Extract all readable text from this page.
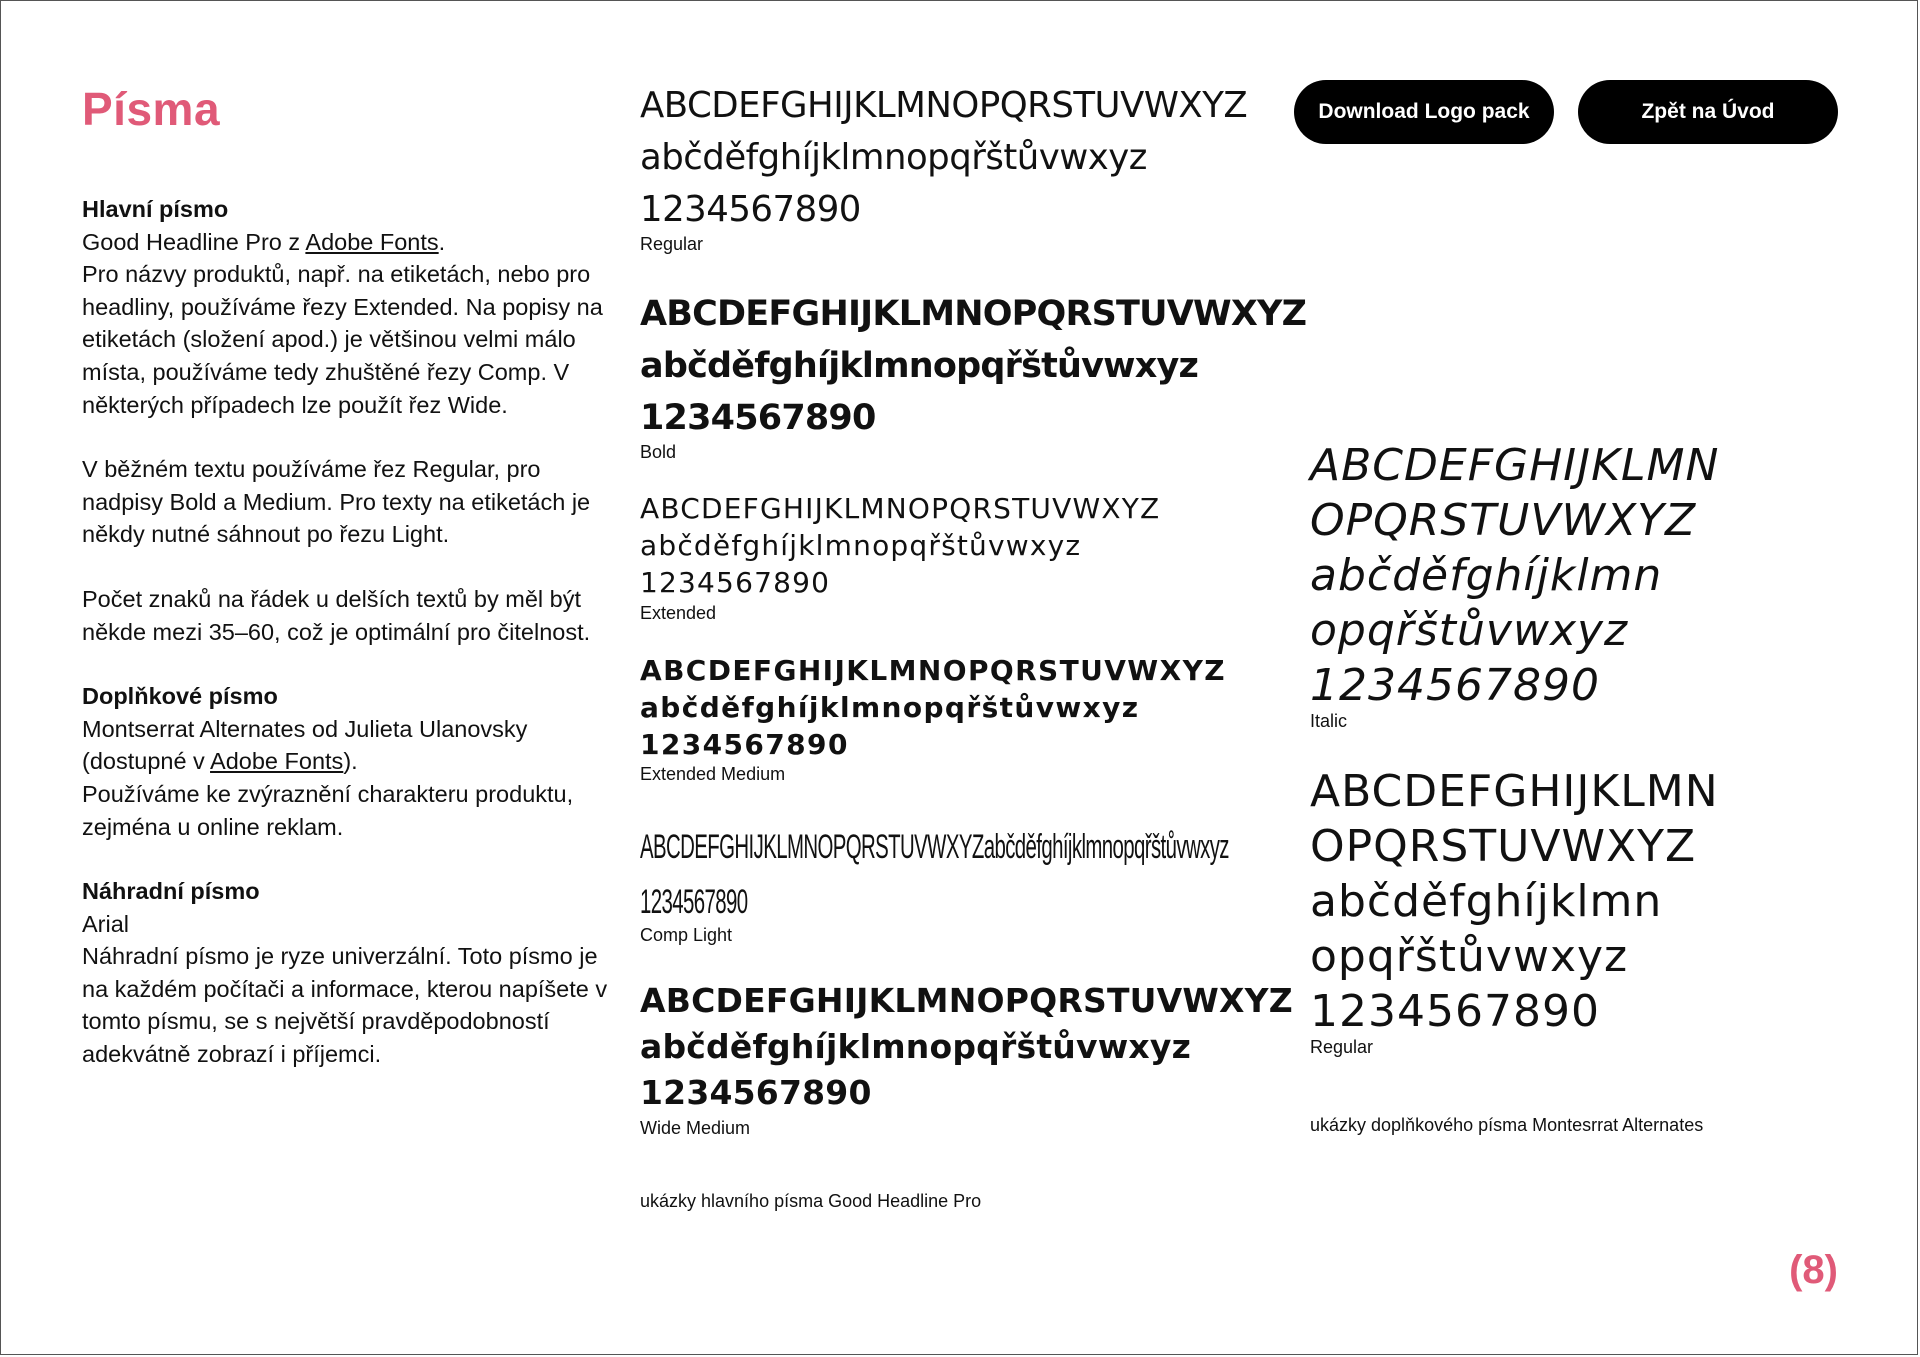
Písma

Hlavní písmo
Good Headline Pro z Adobe Fonts.
Pro názvy produktů, např. na etiketách, nebo pro headliny, používáme řezy Extended. Na popisy na etiketách (složení apod.) je většinou velmi málo místa, používáme tedy zhuštěné řezy Comp. V některých případech lze použít řez Wide.

V běžném textu používáme řez Regular, pro nadpisy Bold a Medium. Pro texty na etiketách je někdy nutné sáhnout po řezu Light.

Počet znaků na řádek u delších textů by měl být někde mezi 35–60, což je optimální pro čitelnost.

Doplňkové písmo
Montserrat Alternates od Julieta Ulanovsky
(dostupné v Adobe Fonts).
Používáme ke zvýraznění charakteru produktu, zejména u online reklam.

Náhradní písmo
Arial
Náhradní písmo je ryze univerzální. Toto písmo je na každém počítači a informace, kterou napíšete v tomto písmu, se s největší pravděpodobností adekvátně zobrazí i příjemci.

ABCDEFGHIJKLMNOPQRSTUVWXYZ
abčděfghíjklmnopqřštůvwxyz
1234567890
Regular
ABCDEFGHIJKLMNOPQRSTUVWXYZ
abčděfghíjklmnopqřštůvwxyz
1234567890
Bold
ABCDEFGHIJKLMNOPQRSTUVWXYZ
abčděfghíjklmnopqřštůvwxyz
1234567890
Extended
ABCDEFGHIJKLMNOPQRSTUVWXYZ
abčděfghíjklmnopqřštůvwxyz
1234567890
Extended Medium
ABCDEFGHIJKLMNOPQRSTUVWXYZabčděfghíjklmnopqřštůvwxyz
1234567890
Comp Light
ABCDEFGHIJKLMNOPQRSTUVWXYZ
abčděfghíjklmnopqřštůvwxyz
1234567890
Wide Medium
ukázky hlavního písma Good Headline Pro
Download Logo pack	Zpět na Úvod
ABCDEFGHIJKLMN
OPQRSTUVWXYZ
abčděfghíjklmn
opqřštůvwxyz
1234567890
Italic
ABCDEFGHIJKLMN
OPQRSTUVWXYZ
abčděfghíjklmn
opqřštůvwxyz
1234567890
Regular
ukázky doplňkového písma Montesrrat Alternates
(8)
